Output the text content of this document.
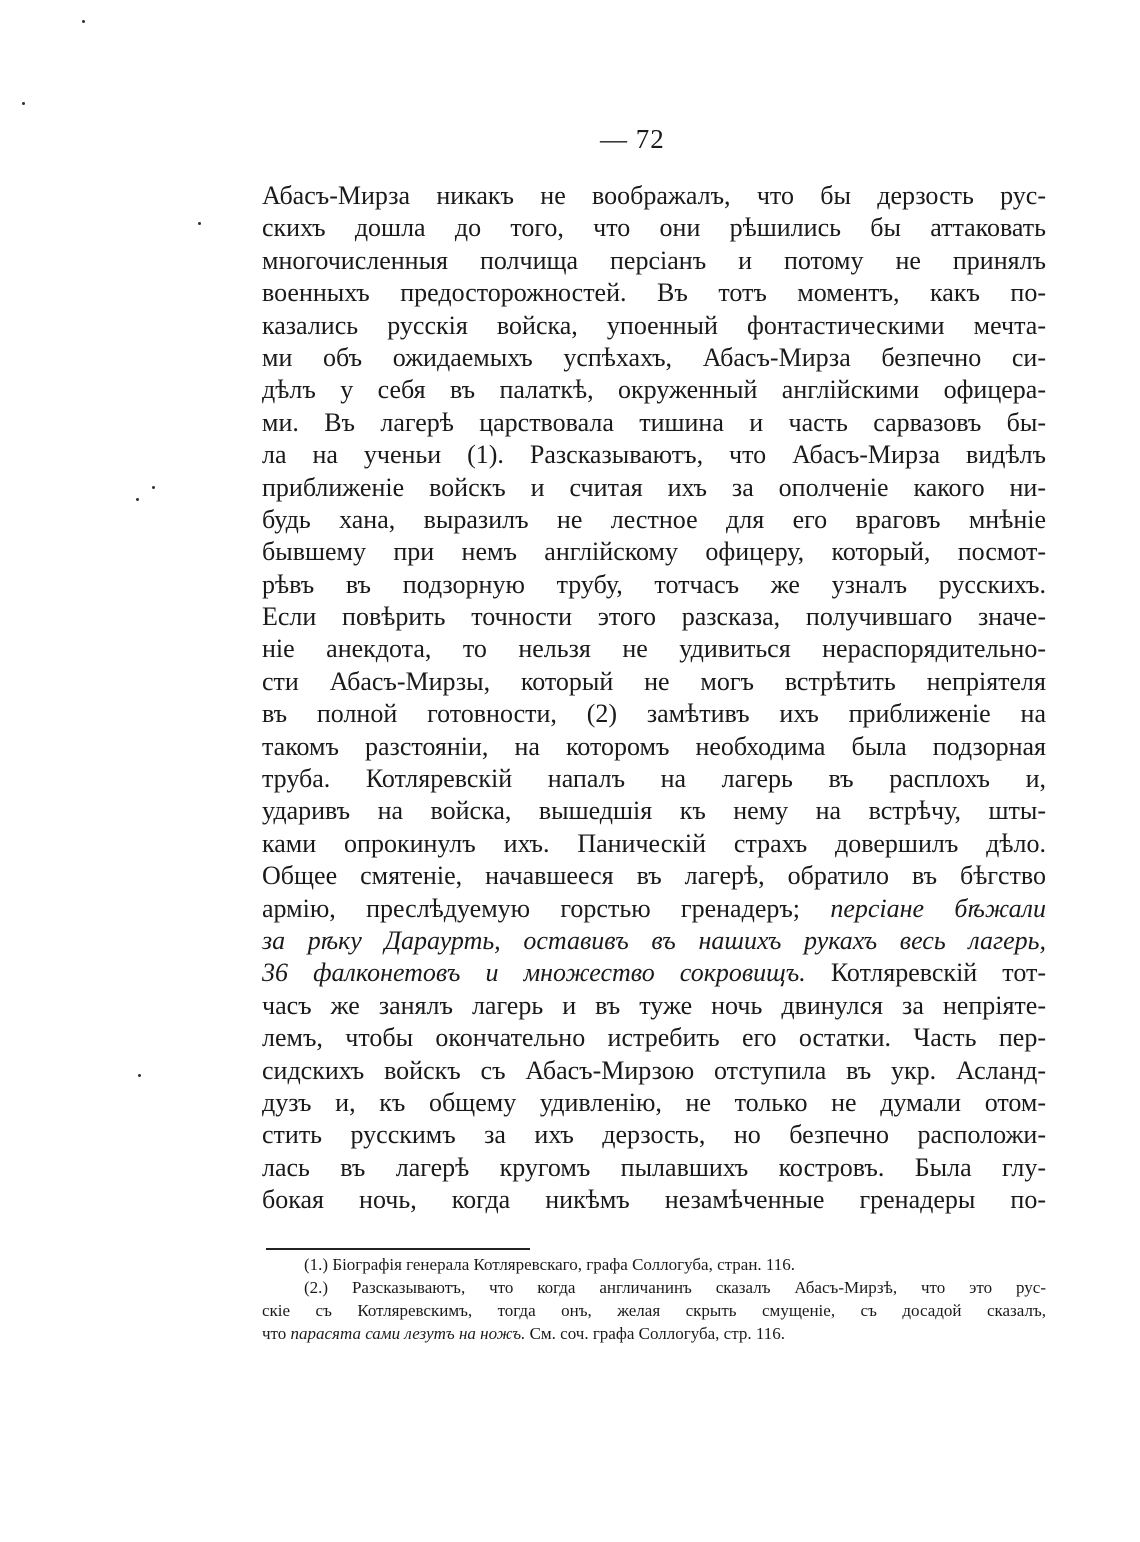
— 72
Абасъ-Мирза никакъ не воображалъ, что бы дерзость рус-
скихъ дошла до того, что они рѣшились бы аттаковать
многочисленныя полчища персіанъ и потому не принялъ
военныхъ предосторожностей. Въ тотъ моментъ, какъ по-
казались русскія войска, упоенный фонтастическими мечта-
ми объ ожидаемыхъ успѣхахъ, Абасъ-Мирза безпечно си-
дѣлъ у себя въ палаткѣ, окруженный англійскими офицера-
ми. Въ лагерѣ царствовала тишина и часть сарвазовъ бы-
ла на ученьи (1). Разсказываютъ, что Абасъ-Мирза видѣлъ
приближеніе войскъ и считая ихъ за ополченіе какого ни-
будь хана, выразилъ не лестное для его враговъ мнѣніе
бывшему при немъ англійскому офицеру, который, посмот-
рѣвъ въ подзорную трубу, тотчасъ же узналъ русскихъ.
Если повѣрить точности этого разсказа, получившаго значе-
ніе анекдота, то нельзя не удивиться нераспорядительно-
сти Абасъ-Мирзы, который не могъ встрѣтить непріятеля
въ полной готовности, (2) замѣтивъ ихъ приближеніе на
такомъ разстояніи, на которомъ необходима была подзорная
труба. Котляревскій напалъ на лагерь въ расплохъ и,
ударивъ на войска, вышедшія къ нему на встрѣчу, шты-
ками опрокинулъ ихъ. Паническій страхъ довершилъ дѣло.
Общее смятеніе, начавшееся въ лагерѣ, обратило въ бѣгство
армію, преслѣдуемую горстью гренадеръ; персіане бѣжали
за рѣку Дараурть, оставивъ въ нашихъ рукахъ весь лагерь,
36 фалконетовъ и множество сокровищъ. Котляревскій тот-
часъ же занялъ лагерь и въ туже ночь двинулся за непріяте-
лемъ, чтобы окончательно истребить его остатки. Часть пер-
сидскихъ войскъ съ Абасъ-Мирзою отступила въ укр. Асланд-
дузъ и, къ общему удивленію, не только не думали отом-
стить русскимъ за ихъ дерзость, но безпечно расположи-
лась въ лагерѣ кругомъ пылавшихъ костровъ. Была глу-
бокая ночь, когда никѣмъ незамѣченные гренадеры по-
(1.) Біографія генерала Котляревскаго, графа Соллогуба, стран. 116.
(2.) Разсказываютъ, что когда англичанинъ сказалъ Абасъ-Мирзѣ, что это рус-
скіе съ Котляревскимъ, тогда онъ, желая скрыть смущеніе, съ досадой сказалъ,
что парасята сами лезутъ на ножъ. См. соч. графа Соллогуба, стр. 116.
